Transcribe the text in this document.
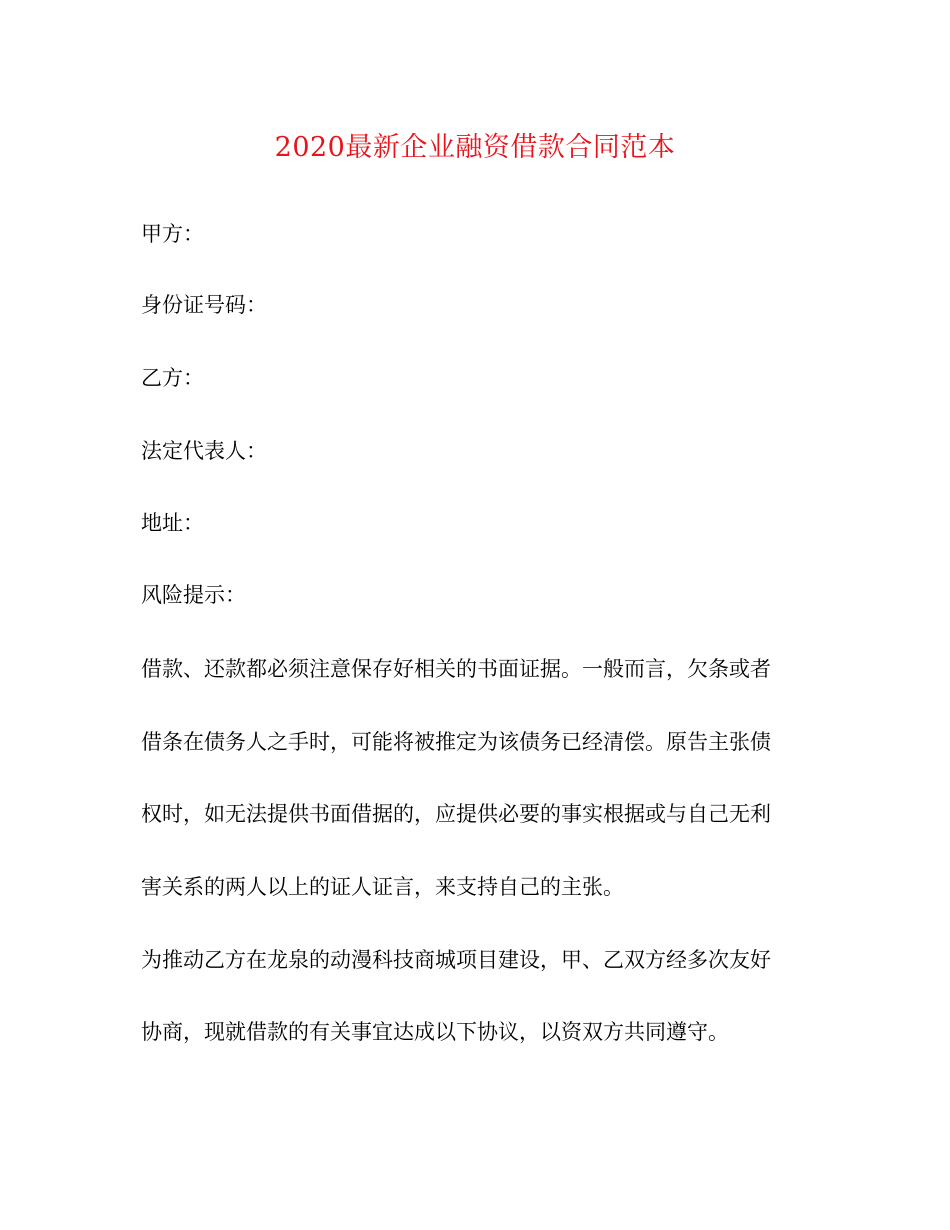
2020最新企业融资借款合同范本

甲方：

身份证号码：

乙方：

法定代表人：

地址：

风险提示：

借款、还款都必须注意保存好相关的书面证据。一般而言，欠条或者

借条在债务人之手时，可能将被推定为该债务已经清偿。原告主张债

权时，如无法提供书面借据的，应提供必要的事实根据或与自己无利

害关系的两人以上的证人证言，来支持自己的主张。

为推动乙方在龙泉的动漫科技商城项目建设，甲、乙双方经多次友好

协商，现就借款的有关事宜达成以下协议，以资双方共同遵守。
